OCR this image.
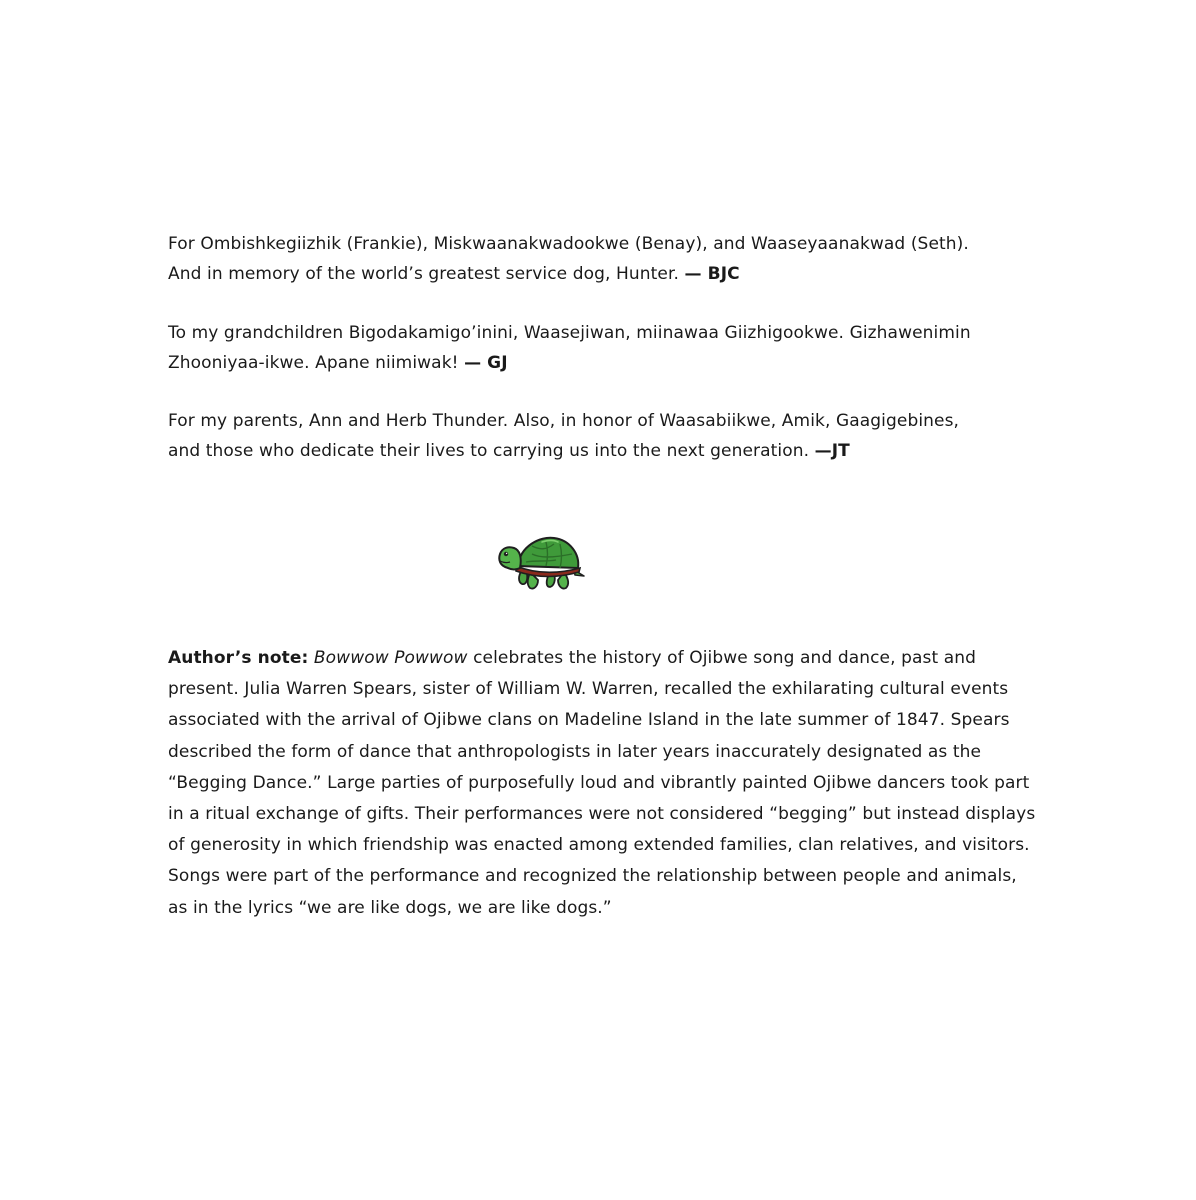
For Ombishkegiizhik (Frankie), Miskwaanakwadookwe (Benay), and Waaseyaanakwad (Seth).

And in memory of the world’s greatest service dog, Hunter. — BJC

To my grandchildren Bigodakamigo’inini, Waasejiwan, miinawaa Giizhigookwe. Gizhawenimin

Zhooniyaa-ikwe. Apane niimiwak! — GJ

For my parents, Ann and Herb Thunder. Also, in honor of Waasabiikwe, Amik, Gaagigebines,

and those who dedicate their lives to carrying us into the next generation. —JT

Author’s note: Bowwow Powwow celebrates the history of Ojibwe song and dance, past and

present. Julia Warren Spears, sister of William W. Warren, recalled the exhilarating cultural events

associated with the arrival of Ojibwe clans on Madeline Island in the late summer of 1847. Spears

described the form of dance that anthropologists in later years inaccurately designated as the

“Begging Dance.” Large parties of purposefully loud and vibrantly painted Ojibwe dancers took part

in a ritual exchange of gifts. Their performances were not considered “begging” but instead displays

of generosity in which friendship was enacted among extended families, clan relatives, and visitors.

Songs were part of the performance and recognized the relationship between people and animals,

as in the lyrics “we are like dogs, we are like dogs.”
